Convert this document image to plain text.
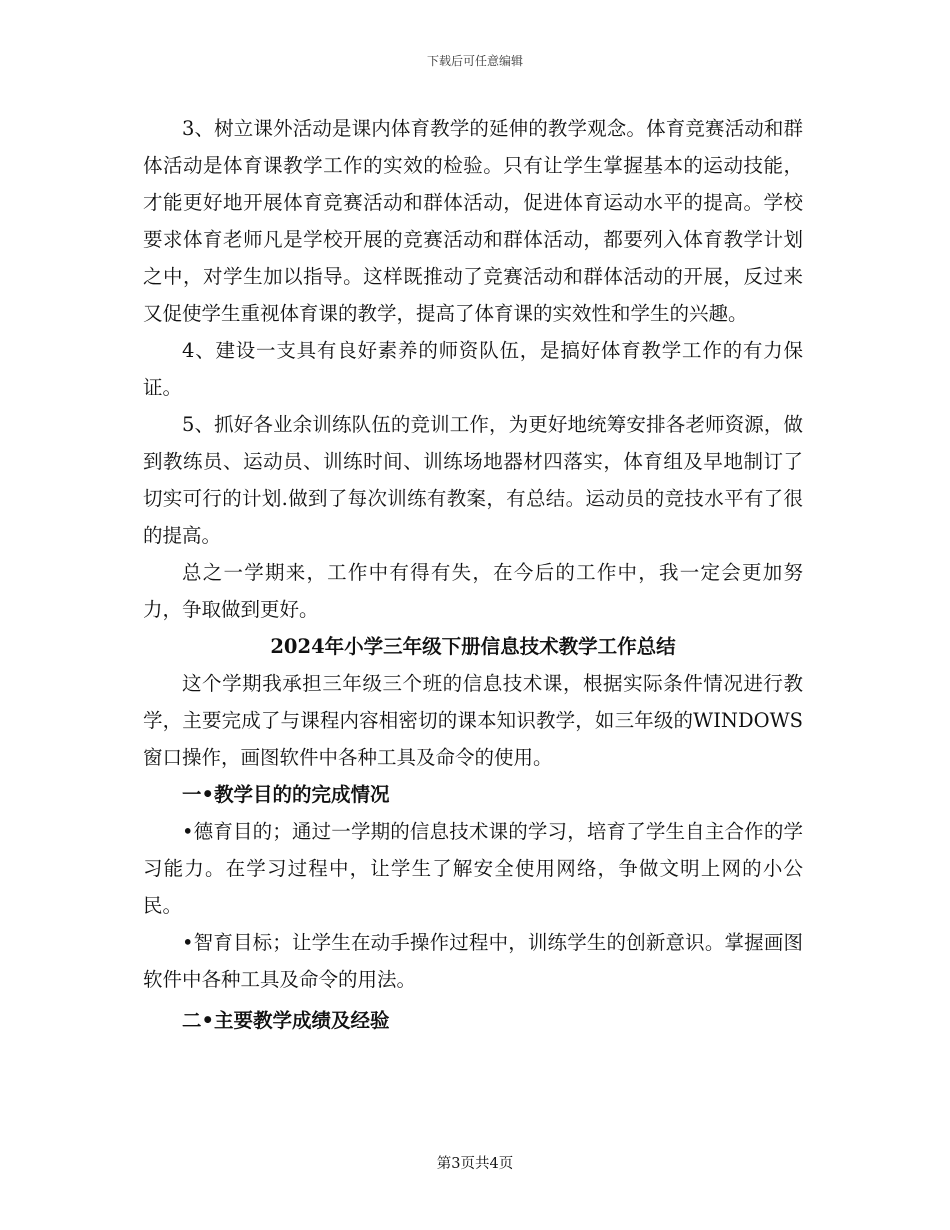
下载后可任意编辑

3、树立课外活动是课内体育教学的延伸的教学观念。体育竞赛活动和群体活动是体育课教学工作的实效的检验。只有让学生掌握基本的运动技能，才能更好地开展体育竞赛活动和群体活动，促进体育运动水平的提高。学校要求体育老师凡是学校开展的竞赛活动和群体活动，都要列入体育教学计划之中，对学生加以指导。这样既推动了竞赛活动和群体活动的开展，反过来又促使学生重视体育课的教学，提高了体育课的实效性和学生的兴趣。

4、建设一支具有良好素养的师资队伍，是搞好体育教学工作的有力保证。

5、抓好各业余训练队伍的竞训工作，为更好地统筹安排各老师资源，做到教练员、运动员、训练时间、训练场地器材四落实，体育组及早地制订了切实可行的计划.做到了每次训练有教案，有总结。运动员的竞技水平有了很的提高。

总之一学期来，工作中有得有失，在今后的工作中，我一定会更加努力，争取做到更好。

2024年小学三年级下册信息技术教学工作总结

这个学期我承担三年级三个班的信息技术课，根据实际条件情况进行教学，主要完成了与课程内容相密切的课本知识教学，如三年级的WINDOWS窗口操作，画图软件中各种工具及命令的使用。

一•教学目的的完成情况

•德育目的；通过一学期的信息技术课的学习，培育了学生自主合作的学习能力。在学习过程中，让学生了解安全使用网络，争做文明上网的小公民。

•智育目标；让学生在动手操作过程中，训练学生的创新意识。掌握画图软件中各种工具及命令的用法。

二•主要教学成绩及经验

第3页共4页
